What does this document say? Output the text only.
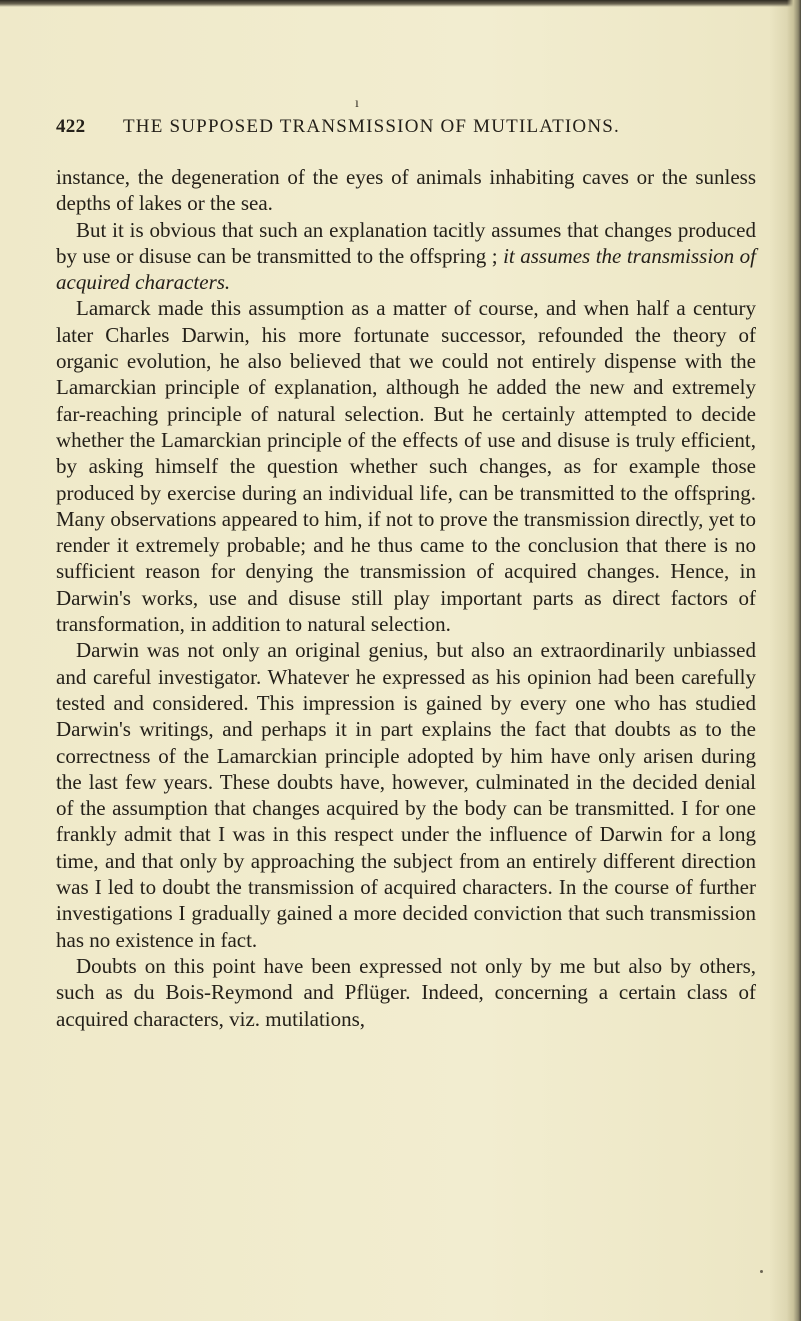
ı
422	THE SUPPOSED TRANSMISSION OF MUTILATIONS.

instance, the degeneration of the eyes of animals inhabiting caves or the sunless depths of lakes or the sea.

But it is obvious that such an explanation tacitly assumes that changes produced by use or disuse can be transmitted to the offspring ; it assumes the transmission of acquired characters.

Lamarck made this assumption as a matter of course, and when half a century later Charles Darwin, his more fortunate successor, refounded the theory of organic evolution, he also believed that we could not entirely dispense with the Lamarckian principle of explanation, although he added the new and extremely far-reaching principle of natural selection. But he certainly attempted to decide whether the Lamarckian principle of the effects of use and disuse is truly efficient, by asking himself the question whether such changes, as for example those produced by exercise during an individual life, can be transmitted to the offspring. Many observations appeared to him, if not to prove the transmission directly, yet to render it extremely probable; and he thus came to the conclusion that there is no sufficient reason for denying the transmission of acquired changes. Hence, in Darwin's works, use and disuse still play important parts as direct factors of transformation, in addition to natural selection.

Darwin was not only an original genius, but also an extraordinarily unbiassed and careful investigator. Whatever he expressed as his opinion had been carefully tested and considered. This impression is gained by every one who has studied Darwin's writings, and perhaps it in part explains the fact that doubts as to the correctness of the Lamarckian principle adopted by him have only arisen during the last few years. These doubts have, however, culminated in the decided denial of the assumption that changes acquired by the body can be transmitted. I for one frankly admit that I was in this respect under the influence of Darwin for a long time, and that only by approaching the subject from an entirely different direction was I led to doubt the transmission of acquired characters. In the course of further investigations I gradually gained a more decided conviction that such transmission has no existence in fact.

Doubts on this point have been expressed not only by me but also by others, such as du Bois-Reymond and Pflüger. Indeed, concerning a certain class of acquired characters, viz. mutilations,
